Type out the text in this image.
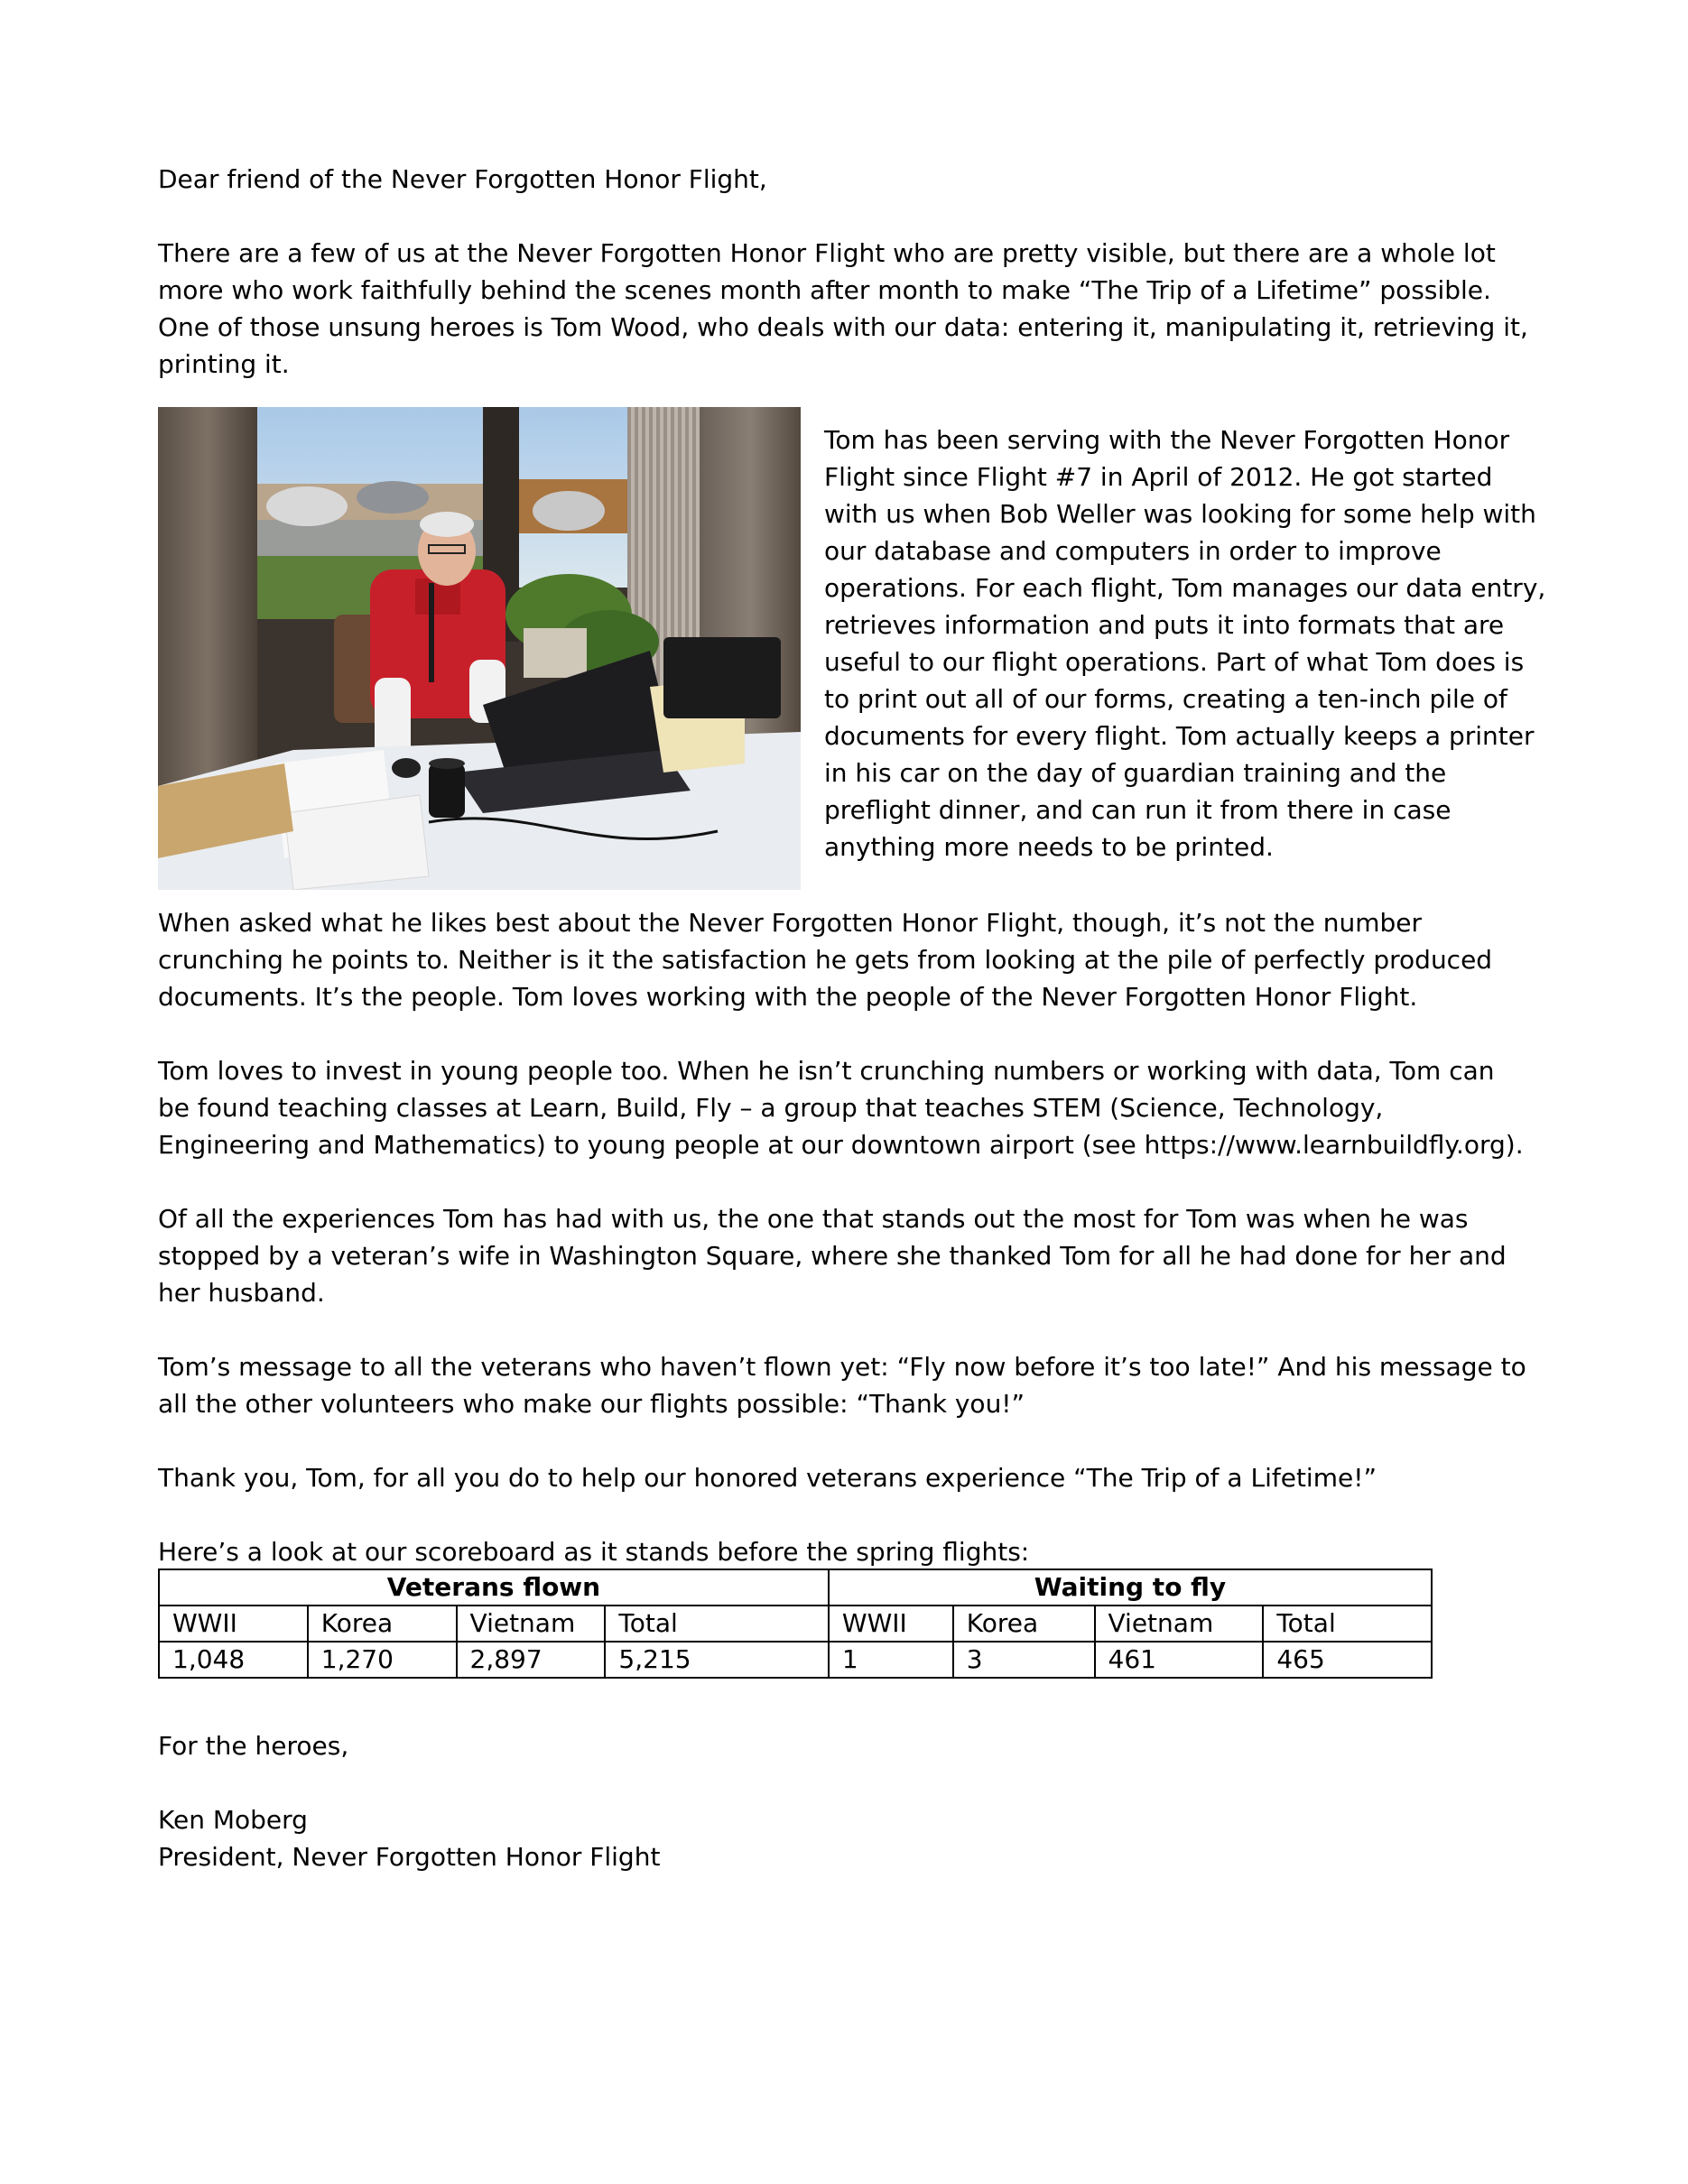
Dear friend of the Never Forgotten Honor Flight,

There are a few of us at the Never Forgotten Honor Flight who are pretty visible, but there are a whole lot more who work faithfully behind the scenes month after month to make “The Trip of a Lifetime” possible. One of those unsung heroes is Tom Wood, who deals with our data: entering it, manipulating it, retrieving it, printing it.

Tom has been serving with the Never Forgotten Honor Flight since Flight #7 in April of 2012. He got started with us when Bob Weller was looking for some help with our database and computers in order to improve operations. For each flight, Tom manages our data entry, retrieves information and puts it into formats that are useful to our flight operations. Part of what Tom does is to print out all of our forms, creating a ten-inch pile of documents for every flight. Tom actually keeps a printer in his car on the day of guardian training and the preflight dinner, and can run it from there in case anything more needs to be printed.

When asked what he likes best about the Never Forgotten Honor Flight, though, it’s not the number crunching he points to. Neither is it the satisfaction he gets from looking at the pile of perfectly produced documents. It’s the people. Tom loves working with the people of the Never Forgotten Honor Flight.

Tom loves to invest in young people too. When he isn’t crunching numbers or working with data, Tom can be found teaching classes at Learn, Build, Fly – a group that teaches STEM (Science, Technology, Engineering and Mathematics) to young people at our downtown airport (see https://www.learnbuildfly.org).

Of all the experiences Tom has had with us, the one that stands out the most for Tom was when he was stopped by a veteran’s wife in Washington Square, where she thanked Tom for all he had done for her and her husband.

Tom’s message to all the veterans who haven’t flown yet: “Fly now before it’s too late!” And his message to all the other volunteers who make our flights possible: “Thank you!”

Thank you, Tom, for all you do to help our honored veterans experience “The Trip of a Lifetime!”

Here’s a look at our scoreboard as it stands before the spring flights:

Veterans flown				Waiting to fly			
WWII	Korea	Vietnam	Total	WWII	Korea	Vietnam	Total
1,048	1,270	2,897	5,215	1	3	461	465

For the heroes,

Ken Moberg

President, Never Forgotten Honor Flight
